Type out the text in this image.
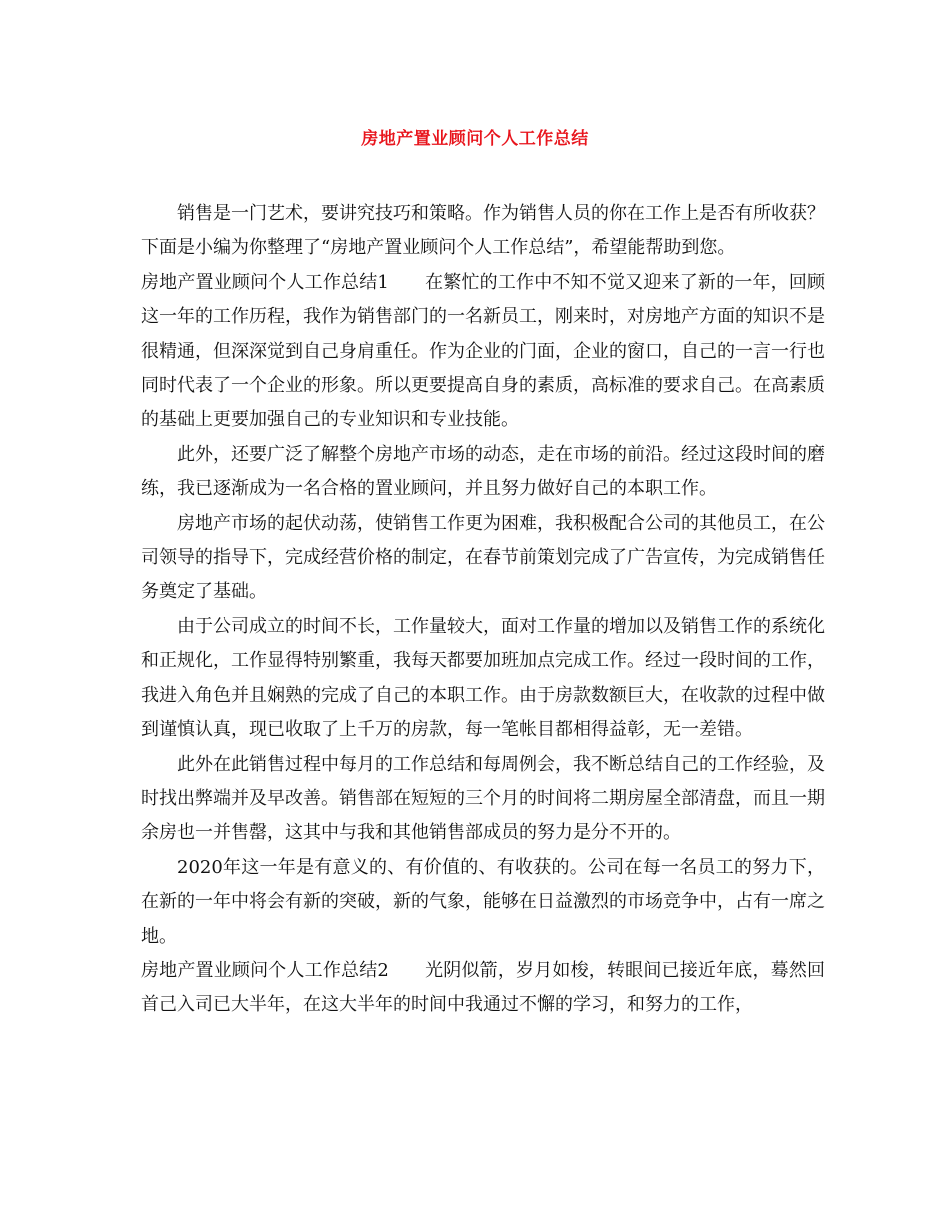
房地产置业顾问个人工作总结

销售是一门艺术，要讲究技巧和策略。作为销售人员的你在工作上是否有所收获？下面是小编为你整理了“房地产置业顾问个人工作总结”，希望能帮助到您。

房地产置业顾问个人工作总结1 在繁忙的工作中不知不觉又迎来了新的一年，回顾这一年的工作历程，我作为销售部门的一名新员工，刚来时，对房地产方面的知识不是很精通，但深深觉到自己身肩重任。作为企业的门面，企业的窗口，自己的一言一行也同时代表了一个企业的形象。所以更要提高自身的素质，高标准的要求自己。在高素质的基础上更要加强自己的专业知识和专业技能。

此外，还要广泛了解整个房地产市场的动态，走在市场的前沿。经过这段时间的磨练，我已逐渐成为一名合格的置业顾问，并且努力做好自己的本职工作。

房地产市场的起伏动荡，使销售工作更为困难，我积极配合公司的其他员工，在公司领导的指导下，完成经营价格的制定，在春节前策划完成了广告宣传，为完成销售任务奠定了基础。

由于公司成立的时间不长，工作量较大，面对工作量的增加以及销售工作的系统化和正规化，工作显得特别繁重，我每天都要加班加点完成工作。经过一段时间的工作，我进入角色并且娴熟的完成了自己的本职工作。由于房款数额巨大，在收款的过程中做到谨慎认真，现已收取了上千万的房款，每一笔帐目都相得益彰，无一差错。

此外在此销售过程中每月的工作总结和每周例会，我不断总结自己的工作经验，及时找出弊端并及早改善。销售部在短短的三个月的时间将二期房屋全部清盘，而且一期余房也一并售罄，这其中与我和其他销售部成员的努力是分不开的。

2020年这一年是有意义的、有价值的、有收获的。公司在每一名员工的努力下，在新的一年中将会有新的突破，新的气象，能够在日益激烈的市场竞争中，占有一席之地。

房地产置业顾问个人工作总结2 光阴似箭，岁月如梭，转眼间已接近年底，蓦然回首己入司已大半年，在这大半年的时间中我通过不懈的学习，和努力的工作，
